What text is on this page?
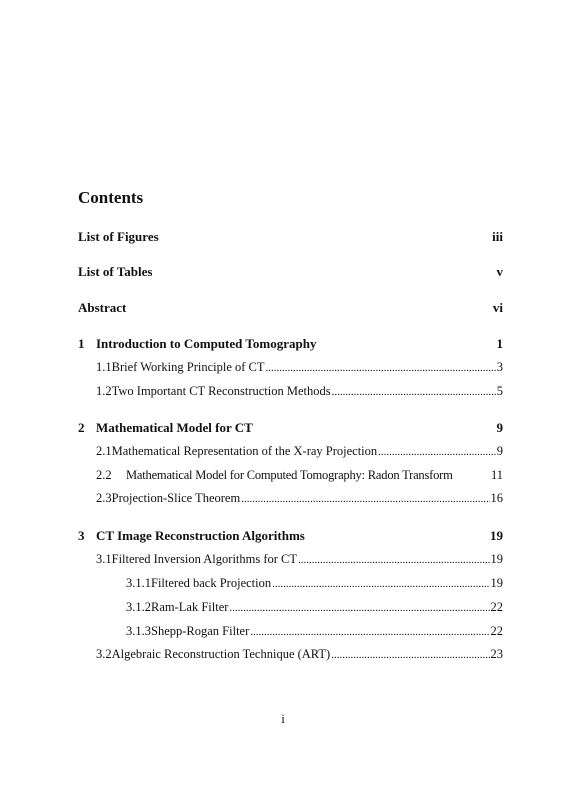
Contents
List of Figures	iii
List of Tables	v
Abstract	vi
1 Introduction to Computed Tomography	1
1.1 Brief Working Principle of CT .....	3
1.2 Two Important CT Reconstruction Methods .....	5
2 Mathematical Model for CT	9
2.1 Mathematical Representation of the X-ray Projection .....	9
2.2	Mathematical Model for Computed Tomography: Radon Transform	11
2.3 Projection-Slice Theorem .....	16
3 CT Image Reconstruction Algorithms	19
3.1 Filtered Inversion Algorithms for CT .....	19
3.1.1 Filtered back Projection .....	19
3.1.2 Ram-Lak Filter .....	22
3.1.3 Shepp-Rogan Filter .....	22
3.2 Algebraic Reconstruction Technique (ART) .....	23
i
